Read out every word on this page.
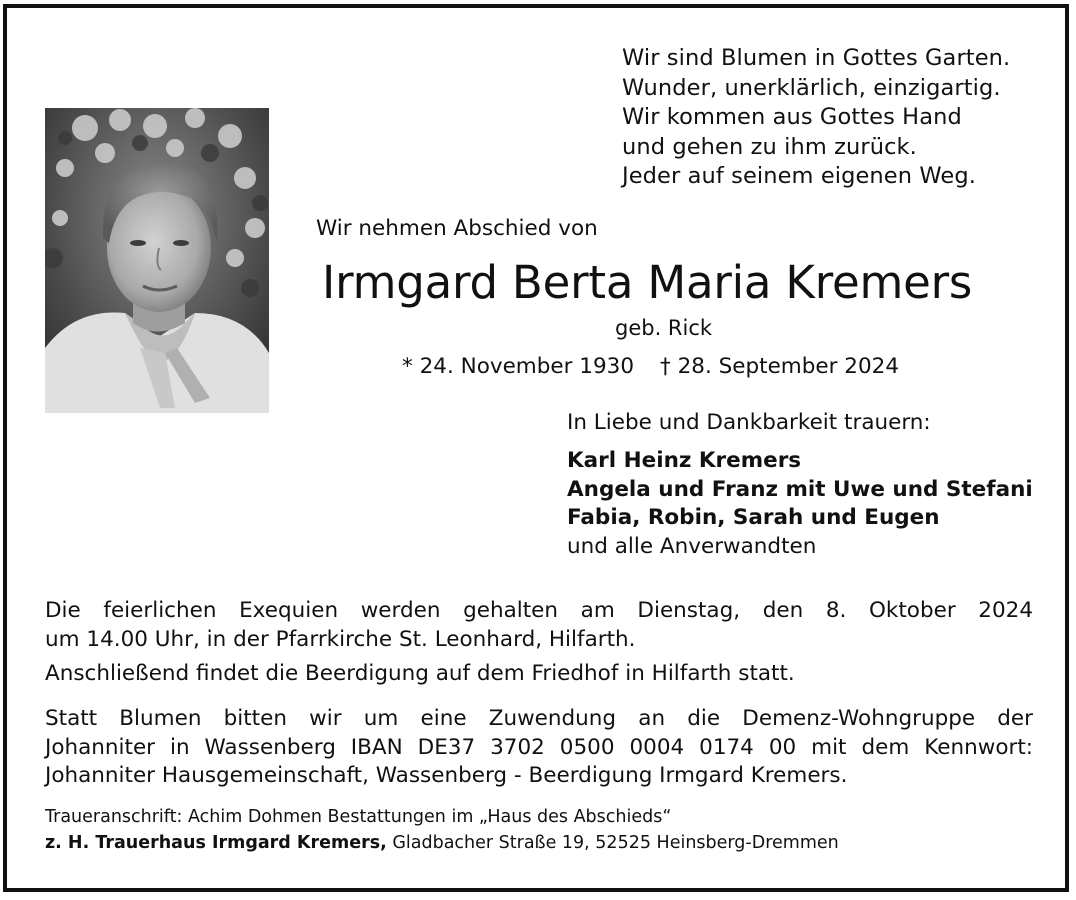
Wir sind Blumen in Gottes Garten.
Wunder, unerklärlich, einzigartig.
Wir kommen aus Gottes Hand
und gehen zu ihm zurück.
Jeder auf seinem eigenen Weg.
Wir nehmen Abschied von
Irmgard Berta Maria Kremers
geb. Rick
* 24. November 1930 † 28. September 2024
In Liebe und Dankbarkeit trauern:
Karl Heinz Kremers
Angela und Franz mit Uwe und Stefani
Fabia, Robin, Sarah und Eugen
und alle Anverwandten
Die feierlichen Exequien werden gehalten am Dienstag, den 8. Oktober 2024
um 14.00 Uhr, in der Pfarrkirche St. Leonhard, Hilfarth.
Anschließend findet die Beerdigung auf dem Friedhof in Hilfarth statt.
Statt Blumen bitten wir um eine Zuwendung an die Demenz-Wohngruppe der
Johanniter in Wassenberg IBAN DE37 3702 0500 0004 0174 00 mit dem Kennwort:
Johanniter Hausgemeinschaft, Wassenberg - Beerdigung Irmgard Kremers.
Traueranschrift: Achim Dohmen Bestattungen im „Haus des Abschieds“
z. H. Trauerhaus Irmgard Kremers, Gladbacher Straße 19, 52525 Heinsberg-Dremmen
